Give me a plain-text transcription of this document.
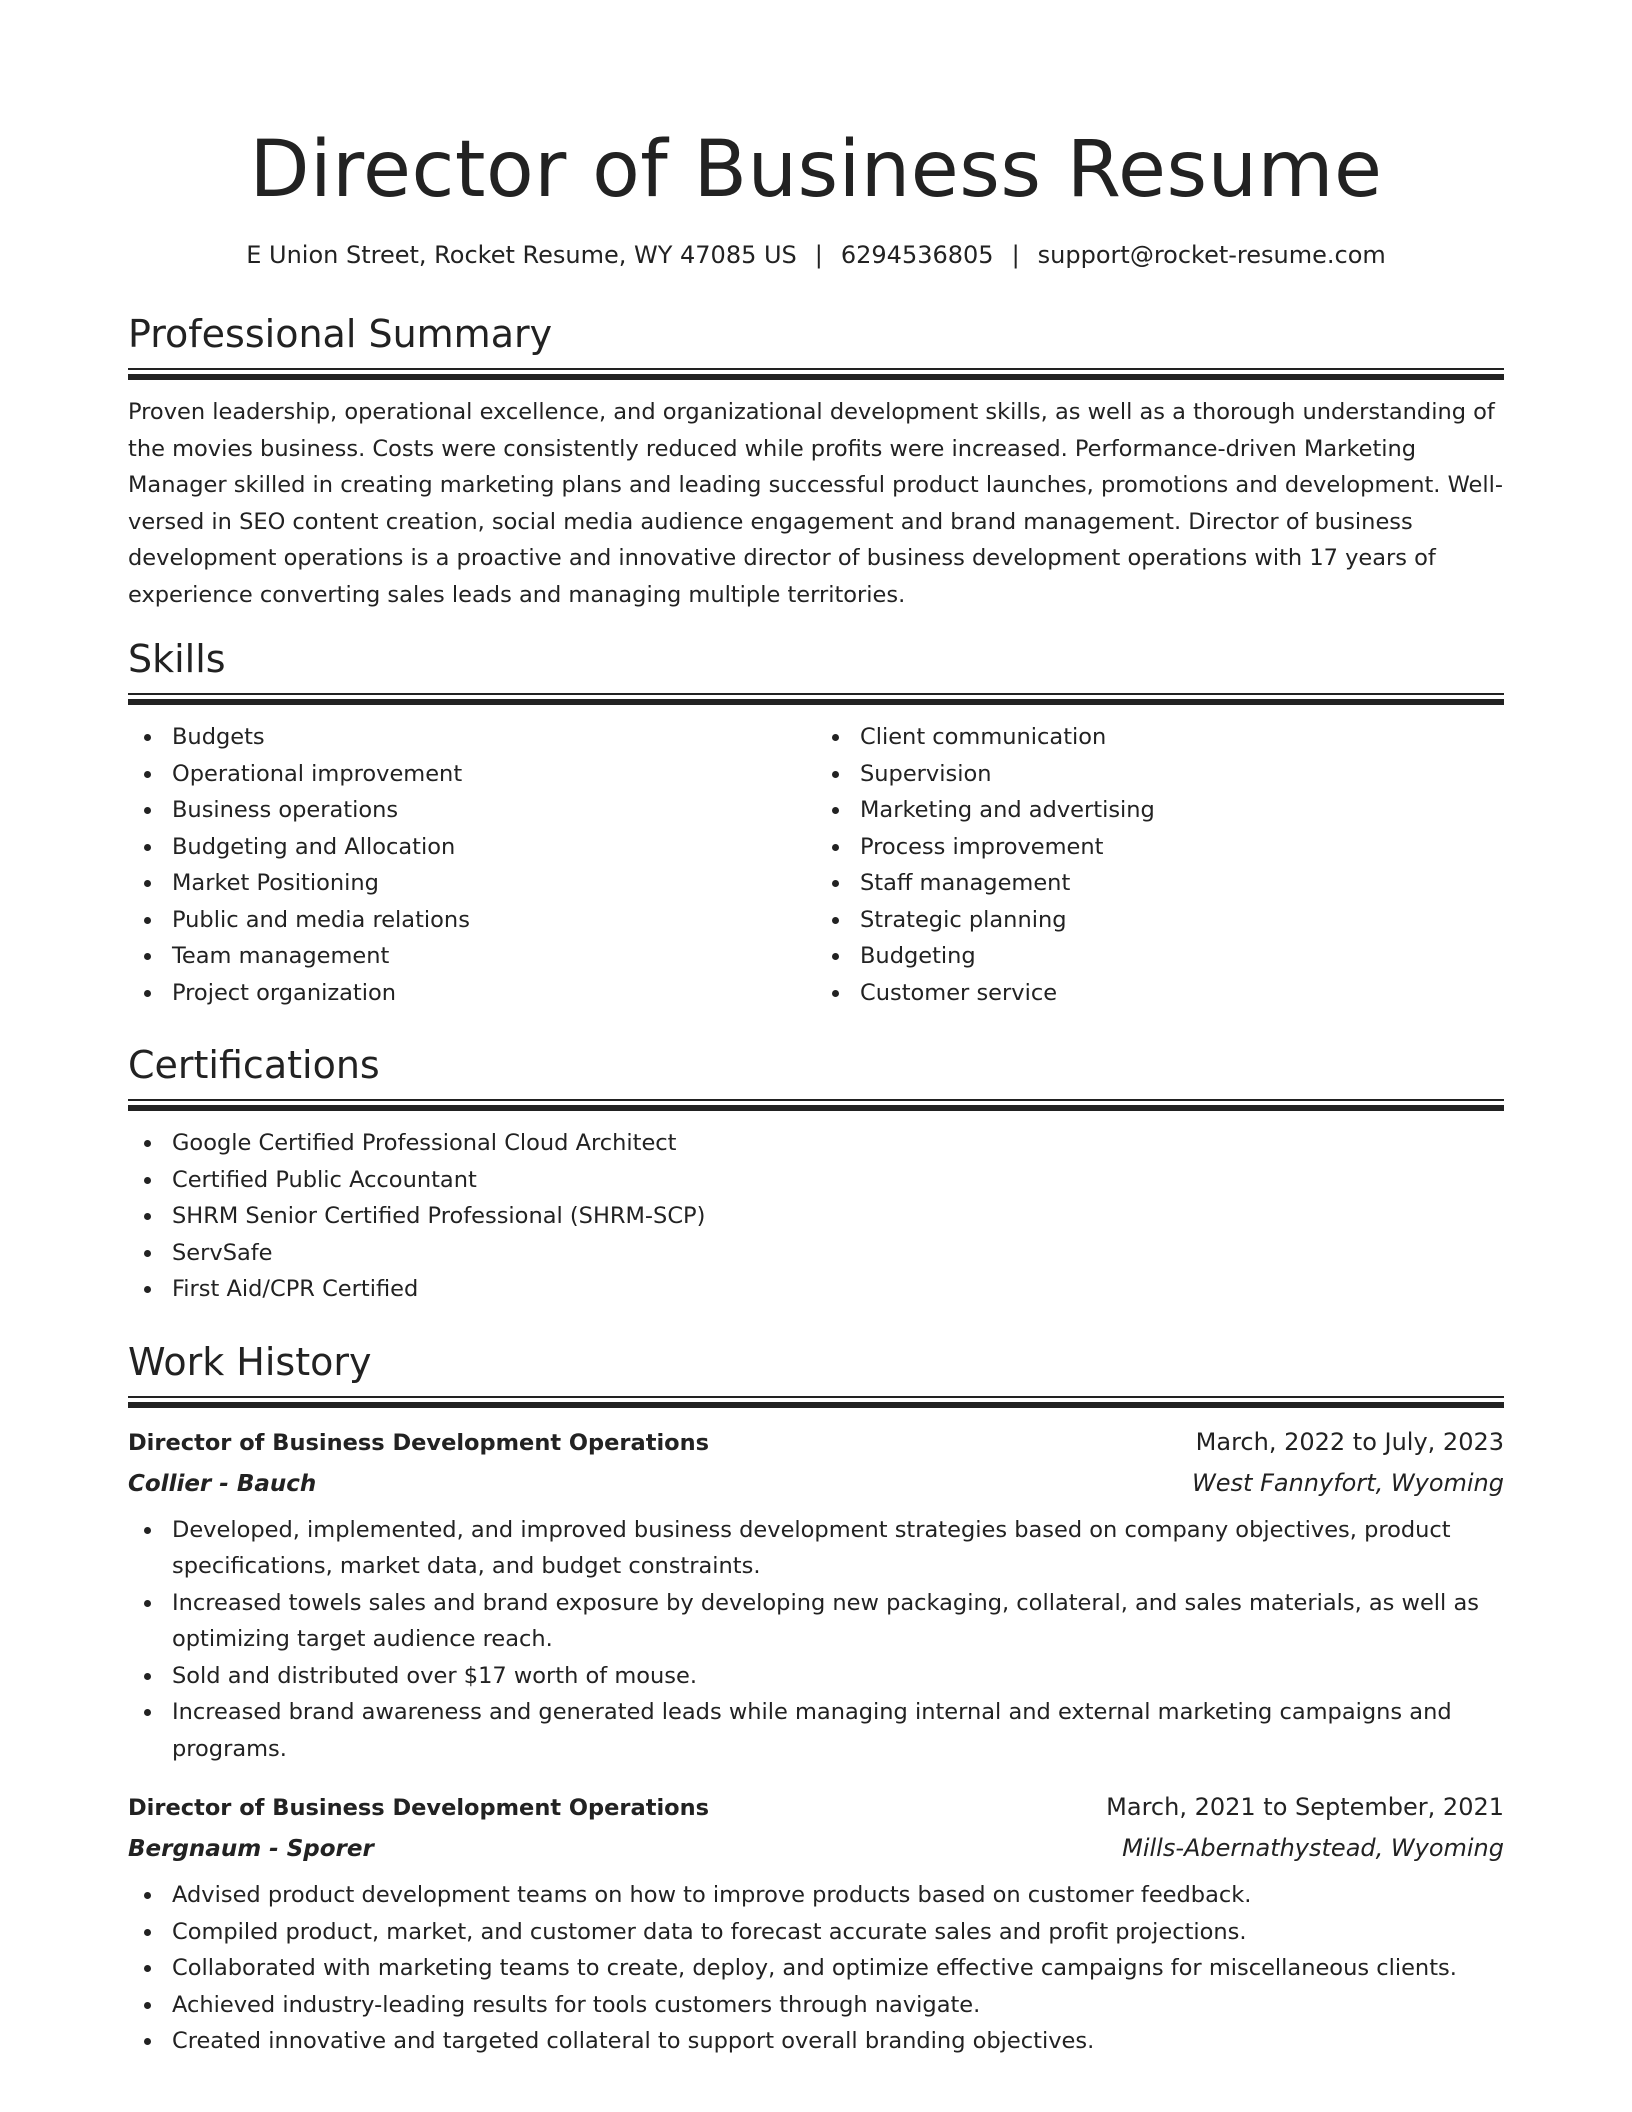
Director of Business Resume
E Union Street, Rocket Resume, WY 47085 US | 6294536805 | support@rocket-resume.com
Professional Summary

Proven leadership, operational excellence, and organizational development skills, as well as a thorough understanding of the movies business. Costs were consistently reduced while profits were increased. Performance-driven Marketing Manager skilled in creating marketing plans and leading successful product launches, promotions and development. Well-versed in SEO content creation, social media audience engagement and brand management. Director of business development operations is a proactive and innovative director of business development operations with 17 years of experience converting sales leads and managing multiple territories.

Skills
Budgets
Operational improvement
Business operations
Budgeting and Allocation
Market Positioning
Public and media relations
Team management
Project organization
Client communication
Supervision
Marketing and advertising
Process improvement
Staff management
Strategic planning
Budgeting
Customer service
Certifications
Google Certified Professional Cloud Architect
Certified Public Accountant
SHRM Senior Certified Professional (SHRM-SCP)
ServSafe
First Aid/CPR Certified
Work History
Director of Business Development Operations	March, 2022 to July, 2023
Collier - Bauch	West Fannyfort, Wyoming
Developed, implemented, and improved business development strategies based on company objectives, product specifications, market data, and budget constraints.
Increased towels sales and brand exposure by developing new packaging, collateral, and sales materials, as well as optimizing target audience reach.
Sold and distributed over $17 worth of mouse.
Increased brand awareness and generated leads while managing internal and external marketing campaigns and programs.
Director of Business Development Operations	March, 2021 to September, 2021
Bergnaum - Sporer	Mills-Abernathystead, Wyoming
Advised product development teams on how to improve products based on customer feedback.
Compiled product, market, and customer data to forecast accurate sales and profit projections.
Collaborated with marketing teams to create, deploy, and optimize effective campaigns for miscellaneous clients.
Achieved industry-leading results for tools customers through navigate.
Created innovative and targeted collateral to support overall branding objectives.
